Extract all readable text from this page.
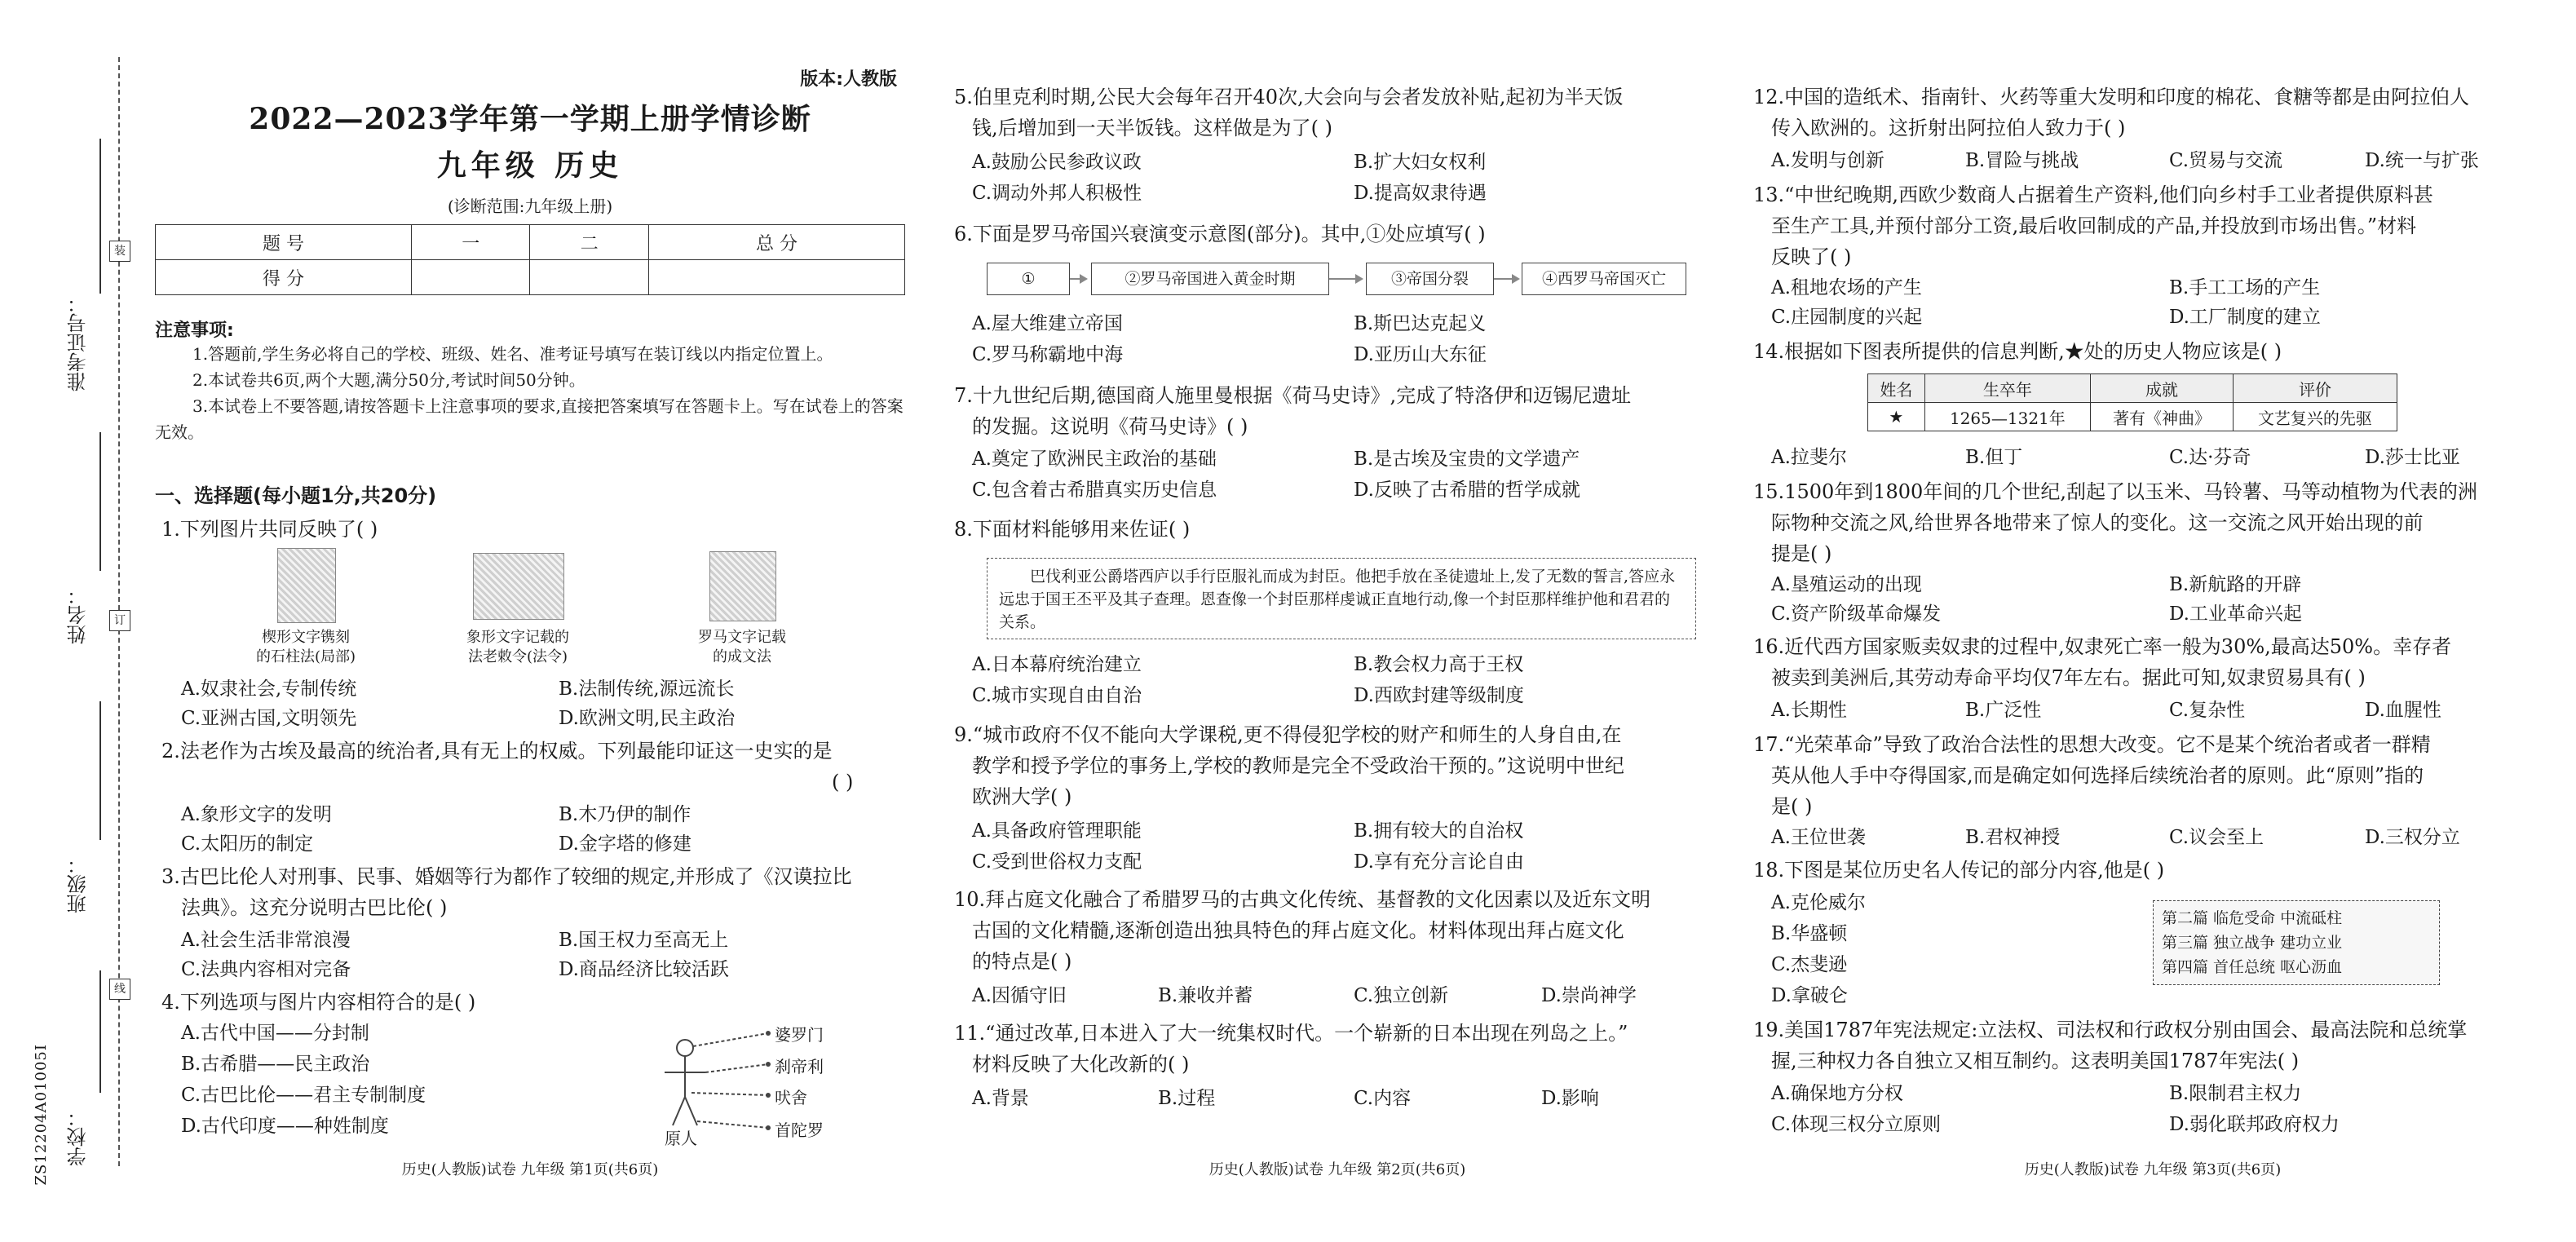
准考证号：
姓名：
班级：
学校：
装
订
线
ZS12204A01005I
版本:人教版
2022—2023学年第一学期上册学情诊断
九年级 历史
(诊断范围:九年级上册)
题 号	一	二	总 分
得 分			
注意事项:
1.答题前,学生务必将自己的学校、班级、姓名、准考证号填写在装订线以内指定位置上。
2.本试卷共6页,两个大题,满分50分,考试时间50分钟。
3.本试卷上不要答题,请按答题卡上注意事项的要求,直接把答案填写在答题卡上。写在试卷上的答案无效。
一、选择题(每小题1分,共20分)
1.下列图片共同反映了( )
楔形文字镌刻
的石柱法(局部)
象形文字记载的
法老敕令(法令)
罗马文字记载
的成文法
A.奴隶社会,专制传统	B.法制传统,源远流长
C.亚洲古国,文明领先	D.欧洲文明,民主政治
2.法老作为古埃及最高的统治者,具有无上的权威。下列最能印证这一史实的是
( )
A.象形文字的发明	B.木乃伊的制作
C.太阳历的制定	D.金字塔的修建
3.古巴比伦人对刑事、民事、婚姻等行为都作了较细的规定,并形成了《汉谟拉比
法典》。这充分说明古巴比伦( )
A.社会生活非常浪漫	B.国王权力至高无上
C.法典内容相对完备	D.商品经济比较活跃
4.下列选项与图片内容相符合的是( )
A.古代中国——分封制
B.古希腊——民主政治
C.古巴比伦——君主专制制度
D.古代印度——种姓制度
婆罗门
刹帝利
吠舍
首陀罗
原人
历史(人教版)试卷 九年级 第1页(共6页)
5.伯里克利时期,公民大会每年召开40次,大会向与会者发放补贴,起初为半天饭
钱,后增加到一天半饭钱。这样做是为了( )
A.鼓励公民参政议政	B.扩大妇女权利
C.调动外邦人积极性	D.提高奴隶待遇
6.下面是罗马帝国兴衰演变示意图(部分)。其中,①处应填写( )
①	②罗马帝国进入黄金时期	③帝国分裂	④西罗马帝国灭亡
A.屋大维建立帝国	B.斯巴达克起义
C.罗马称霸地中海	D.亚历山大东征
7.十九世纪后期,德国商人施里曼根据《荷马史诗》,完成了特洛伊和迈锡尼遗址
的发掘。这说明《荷马史诗》( )
A.奠定了欧洲民主政治的基础	B.是古埃及宝贵的文学遗产
C.包含着古希腊真实历史信息	D.反映了古希腊的哲学成就
8.下面材料能够用来佐证( )
巴伐利亚公爵塔西庐以手行臣服礼而成为封臣。他把手放在圣徒遗址上,发了无数的誓言,答应永远忠于国王丕平及其子查理。恩查像一个封臣那样虔诚正直地行动,像一个封臣那样维护他和君君的关系。
A.日本幕府统治建立	B.教会权力高于王权
C.城市实现自由自治	D.西欧封建等级制度
9.“城市政府不仅不能向大学课税,更不得侵犯学校的财产和师生的人身自由,在
教学和授予学位的事务上,学校的教师是完全不受政治干预的。”这说明中世纪
欧洲大学( )
A.具备政府管理职能	B.拥有较大的自治权
C.受到世俗权力支配	D.享有充分言论自由
10.拜占庭文化融合了希腊罗马的古典文化传统、基督教的文化因素以及近东文明
古国的文化精髓,逐渐创造出独具特色的拜占庭文化。材料体现出拜占庭文化
的特点是( )
A.因循守旧	B.兼收并蓄	C.独立创新	D.崇尚神学
11.“通过改革,日本进入了大一统集权时代。一个崭新的日本出现在列岛之上。”
材料反映了大化改新的( )
A.背景	B.过程	C.内容	D.影响
历史(人教版)试卷 九年级 第2页(共6页)
12.中国的造纸术、指南针、火药等重大发明和印度的棉花、食糖等都是由阿拉伯人
传入欧洲的。这折射出阿拉伯人致力于( )
A.发明与创新	B.冒险与挑战	C.贸易与交流	D.统一与扩张
13.“中世纪晚期,西欧少数商人占据着生产资料,他们向乡村手工业者提供原料甚
至生产工具,并预付部分工资,最后收回制成的产品,并投放到市场出售。”材料
反映了( )
A.租地农场的产生	B.手工工场的产生
C.庄园制度的兴起	D.工厂制度的建立
14.根据如下图表所提供的信息判断,★处的历史人物应该是( )
姓名	生卒年	成就	评价
★	1265—1321年	著有《神曲》	文艺复兴的先驱
A.拉斐尔	B.但丁	C.达·芬奇	D.莎士比亚
15.1500年到1800年间的几个世纪,刮起了以玉米、马铃薯、马等动植物为代表的洲
际物种交流之风,给世界各地带来了惊人的变化。这一交流之风开始出现的前
提是( )
A.垦殖运动的出现	B.新航路的开辟
C.资产阶级革命爆发	D.工业革命兴起
16.近代西方国家贩卖奴隶的过程中,奴隶死亡率一般为30%,最高达50%。幸存者
被卖到美洲后,其劳动寿命平均仅7年左右。据此可知,奴隶贸易具有( )
A.长期性	B.广泛性	C.复杂性	D.血腥性
17.“光荣革命”导致了政治合法性的思想大改变。它不是某个统治者或者一群精
英从他人手中夺得国家,而是确定如何选择后续统治者的原则。此“原则”指的
是( )
A.王位世袭	B.君权神授	C.议会至上	D.三权分立
18.下图是某位历史名人传记的部分内容,他是( )
A.克伦威尔
B.华盛顿
C.杰斐逊
D.拿破仑
第二篇 临危受命 中流砥柱
第三篇 独立战争 建功立业
第四篇 首任总统 呕心沥血
19.美国1787年宪法规定:立法权、司法权和行政权分别由国会、最高法院和总统掌
握,三种权力各自独立又相互制约。这表明美国1787年宪法( )
A.确保地方分权	B.限制君主权力
C.体现三权分立原则	D.弱化联邦政府权力
历史(人教版)试卷 九年级 第3页(共6页)
